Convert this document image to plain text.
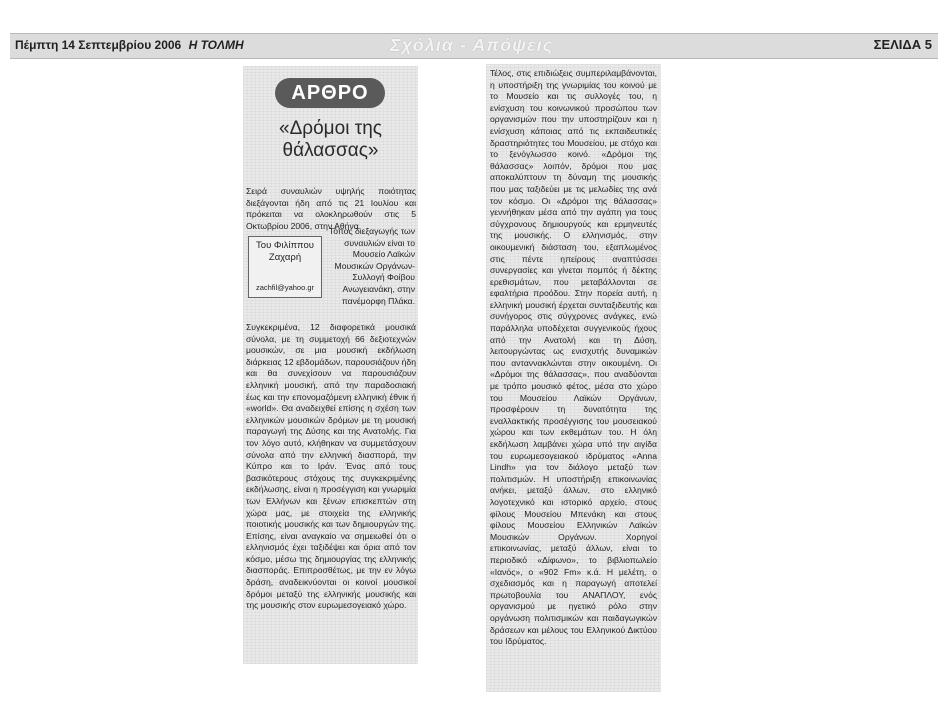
Πέμπτη 14 Σεπτεμβρίου 2006 Η ΤΟΛΜΗ	Σχόλια - Απόψεις	ΣΕΛΙΔΑ 5
ΑΡΘΡΟ
«Δρόμοι της θάλασσας»

Σειρά συναυλιών υψηλής ποιότητας διεξάγονται ήδη από τις 21 Ιουλίου και πρόκειται να ολοκληρωθούν στις 5 Οκτωβρίου 2006, στην Αθήνα.

Του Φιλίππου Ζαχαρή
zachfil@yahoo.gr

Τόπος διεξαγωγής των συναυλιών είναι το Μουσείο Λαϊκών Μουσικών Οργάνων-Συλλογή Φοίβου Ανωγειανάκη, στην πανέμορφη Πλάκα.

Συγκεκριμένα, 12 διαφορετικά μουσικά σύνολα, με τη συμμετοχή 66 δεξιοτεχνών μουσικών, σε μια μουσική εκδήλωση διάρκειας 12 εβδομάδων, παρουσιάζουν ήδη και θα συνεχίσουν να παρουσιάζουν ελληνική μουσική, από την παραδοσιακή έως και την επονομαζόμενη ελληνική έθνικ ή «world». Θα αναδειχθεί επίσης η σχέση των ελληνικών μουσικών δρόμων με τη μουσική παραγωγή της Δύσης και της Ανατολής. Για τον λόγο αυτό, κλήθηκαν να συμμετάσχουν σύνολα από την ελληνική διασπορά, την Κύπρο και το Ιράν. Ένας από τους βασικότερους στόχους της συγκεκριμένης εκδήλωσης, είναι η προσέγγιση και γνωριμία των Ελλήνων και ξένων επισκεπτών στη χώρα μας, με στοιχεία της ελληνικής ποιοτικής μουσικής και των δημιουργών της. Επίσης, είναι αναγκαίο να σημειωθεί ότι ο ελληνισμός έχει ταξιδέψει και όρια από τον κόσμο, μέσω της δημιουργίας της ελληνικής διασποράς. Επιπροσθέτως, με την εν λόγω δράση, αναδεικνύονται οι κοινοί μουσικοί δρόμοι μεταξύ της ελληνικής μουσικής και της μουσικής στον ευρωμεσογειακό χώρο.

Τέλος, στις επιδιώξεις συμπεριλαμβάνονται, η υποστήριξη της γνωριμίας του κοινού με το Μουσείο και τις συλλογές του, η ενίσχυση του κοινωνικού προσώπου των οργανισμών που την υποστηρίζουν και η ενίσχυση κάποιας από τις εκπαιδευτικές δραστηριότητες του Μουσείου, με στόχο και το ξενόγλωσσο κοινό. «Δρόμοι της θάλασσας» λοιπόν, δρόμοι που μας αποκαλύπτουν τη δύναμη της μουσικής που μας ταξιδεύει με τις μελωδίες της ανά τον κόσμο. Οι «Δρόμοι της θάλασσας» γεννήθηκαν μέσα από την αγάπη για τους σύγχρονους δημιουργούς και ερμηνευτές της μουσικής. Ο ελληνισμός, στην οικουμενική διάσταση του, εξαπλωμένος στις πέντε ηπείρους αναπτύσσει συνεργασίες και γίνεται πομπός ή δέκτης ερεθισμάτων, που μεταβάλλονται σε εφαλτήρια προόδου. Στην πορεία αυτή, η ελληνική μουσική έρχεται συνταξιδευτής και συνήγορος στις σύγχρονες ανάγκες, ενώ παράλληλα υποδέχεται συγγενικούς ήχους από την Ανατολή και τη Δύση, λειτουργώντας ως ενισχυτής δυναμικών που ανταννακλώνται στην οικουμένη. Οι «Δρόμοι της θάλασσας», που αναδύονται με τρόπο μουσικό φέτος, μέσα στο χώρο του Μουσείου Λαϊκών Οργάνων, προσφέρουν τη δυνατότητα της εναλλακτικής προσέγγισης του μουσειακού χώρου και των εκθεμάτων του. Η όλη εκδήλωση λαμβάνει χώρα υπό την αιγίδα του ευρωμεσογειακού ιδρύματος «Anna Lindh» για τον διάλογο μεταξύ των πολιτισμών. Η υποστήριξη επικοινωνίας ανήκει, μεταξύ άλλων, στο ελληνικό λογοτεχνικό και ιστορικό αρχείο, στους φίλους Μουσείου Μπενάκη και στους φίλους Μουσείου Ελληνικών Λαϊκών Μουσικών Οργάνων. Χορηγοί επικοινωνίας, μεταξύ άλλων, είναι το περιοδικό «Δίφωνο», το βιβλιοπωλείο «Ιανός», ο «902 Fm» κ.ά. Η μελέτη, ο σχεδιασμός και η παραγωγή αποτελεί πρωτοβουλία του ΑΝΑΠΛΟΥ, ενός οργανισμού με ηγετικό ρόλο στην οργάνωση πολιτισμικών και παιδαγωγικών δράσεων και μέλους του Ελληνικού Δικτύου του Ιδρύματος.
